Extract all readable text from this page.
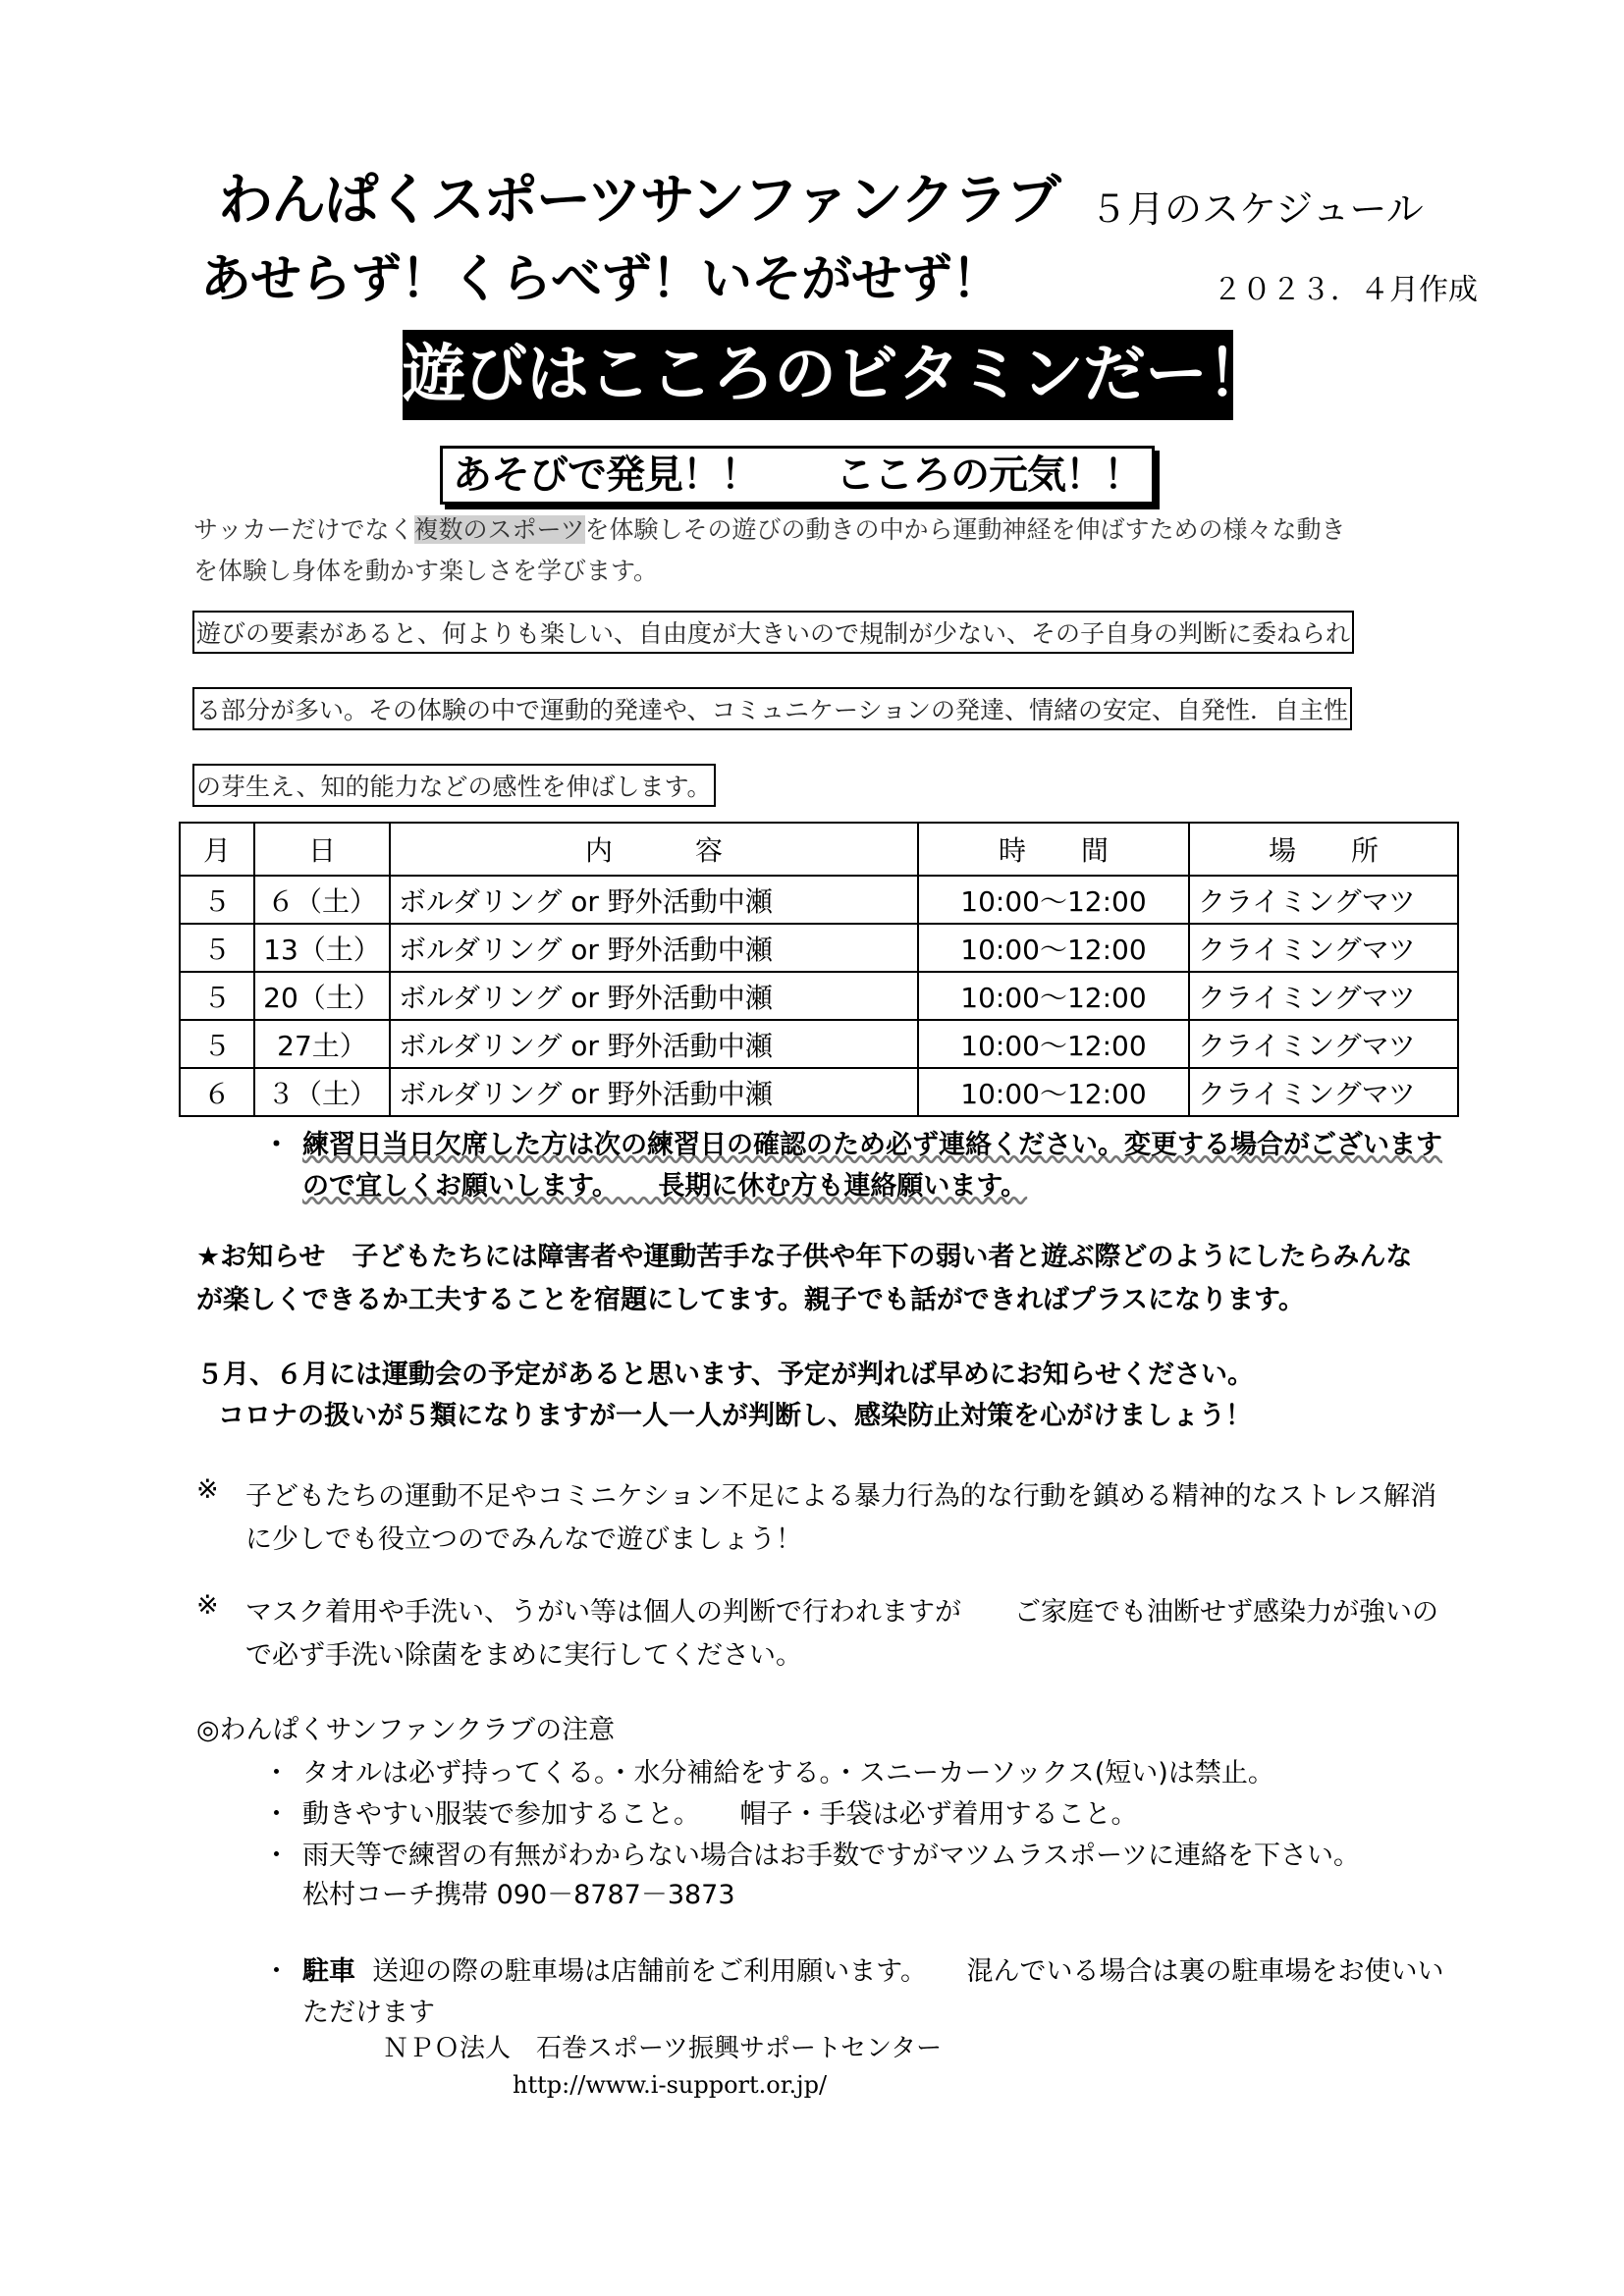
わんぱくスポーツサンファンクラブ ５月のスケジュール
あせらず！くらべず！いそがせず！	２０２３．４月作成
遊びはこころのビタミンだー！
あそびで発見！！　　こころの元気！！
サッカーだけでなく複数のスポーツを体験しその遊びの動きの中から運動神経を伸ばすための様々な動き
を体験し身体を動かす楽しさを学びます。
遊びの要素があると、何よりも楽しい、自由度が大きいので規制が少ない、その子自身の判断に委ねられ
る部分が多い。その体験の中で運動的発達や、コミュニケーションの発達、情緒の安定、自発性．自主性
の芽生え、知的能力などの感性を伸ばします。
月	日	内　　　容	時　　間	場　　所
５	６（土）	ボルダリング or 野外活動中瀬	10:00～12:00	クライミングマツ
５	13（土）	ボルダリング or 野外活動中瀬	10:00～12:00	クライミングマツ
５	20（土）	ボルダリング or 野外活動中瀬	10:00～12:00	クライミングマツ
５	27土）	ボルダリング or 野外活動中瀬	10:00～12:00	クライミングマツ
６	３（土）	ボルダリング or 野外活動中瀬	10:00～12:00	クライミングマツ
・ 練習日当日欠席した方は次の練習日の確認のため必ず連絡ください。変更する場合がございます
ので宜しくお願いします。　　長期に休む方も連絡願います。
★お知らせ　子どもたちには障害者や運動苦手な子供や年下の弱い者と遊ぶ際どのようにしたらみんな
が楽しくできるか工夫することを宿題にしてます。親子でも話ができればプラスになります。
５月、６月には運動会の予定があると思います、予定が判れば早めにお知らせください。
コロナの扱いが５類になりますが一人一人が判断し、感染防止対策を心がけましょう！
※ 子どもたちの運動不足やコミニケション不足による暴力行為的な行動を鎮める精神的なストレス解消
に少しでも役立つのでみんなで遊びましょう！
※ マスク着用や手洗い、うがい等は個人の判断で行われますが　　ご家庭でも油断せず感染力が強いの
で必ず手洗い除菌をまめに実行してください。
◎わんぱくサンファンクラブの注意
・ タオルは必ず持ってくる。・水分補給をする。・スニーカーソックス(短い)は禁止。
・ 動きやすい服装で参加すること。　　帽子・手袋は必ず着用すること。
・ 雨天等で練習の有無がわからない場合はお手数ですがマツムラスポーツに連絡を下さい。
松村コーチ携帯 090－8787－3873
・ 駐車 送迎の際の駐車場は店舗前をご利用願います。　　混んでいる場合は裏の駐車場をお使いい
ただけます
ＮＰＯ法人　石巻スポーツ振興サポートセンター
http://www.i-support.or.jp/
